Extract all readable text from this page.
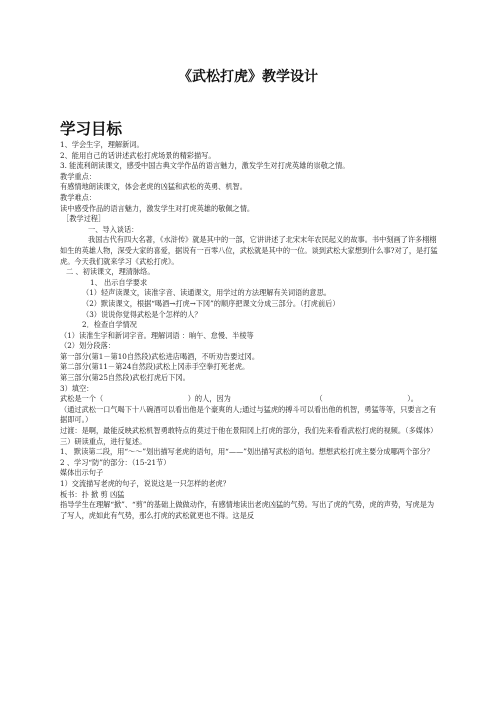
《武松打虎》教学设计
学习目标
1、学会生字，理解新词。
2、能用自己的话讲述武松打虎场景的精彩描写。
3. 能流利朗读课文，感受中国古典文学作品的语言魅力，激发学生对打虎英雄的崇敬之情。
教学重点：
有感情地朗读课文，体会老虎的凶猛和武松的英勇、机智。
教学难点：
读中感受作品的语言魅力，激发学生对打虎英雄的敬佩之情。
［教学过程］
一、导入谈话：
我国古代有四大名著，《水浒传》就是其中的一部，它讲讲述了北宋末年农民起义的故事。书中刻画了许多栩栩如生的英雄人物，深受大家的喜爱，据说有一百零八位，武松就是其中的一位。谈到武松大家想到什么事?对了，是打猛虎。今天我们就来学习《武松打虎》。
二 、初读课文，理清脉络。
1、 出示自学要求
（1）轻声读课文，读准字音、读通课文，用学过的方法理解有关词语的意思。
（2）默读课文，根据“喝酒→打虎→下冈”的顺序把课文分成三部分。（打虎前后）
（3）说说你觉得武松是个怎样的人？
2．检查自学情况
（1）读准生字和新词字音。理解词语 ：晌午、怠慢、半棱等
（2）划分段落：
第一部分(第1－第10自然段)武松进店喝酒，不听劝告要过冈。
第二部分(第11－第24自然段)武松上冈赤手空拳打死老虎。
第三部分(第25自然段)武松打虎后下冈。
3）填空：
武松是一个（	）的人，因为	（	）。
（通过武松一口气喝下十八碗酒可以看出他是个豪爽的人;通过与猛虎的搏斗可以看出他的机智，勇猛等等，只要言之有据即可。）
过渡：是啊，最能反映武松机智勇敢特点的莫过于他在景阳冈上打虎的部分，我们先来看看武松打虎的视频。（多媒体）
三）研读重点，进行复述。
1、 默读第二段，用“～～”划出描写老虎的语句，用“——”划出描写武松的语句。想想武松打虎主要分成哪两个部分？
2 、学习“防”的部分：（15-21节）
媒体出示句子
1）交流描写老虎的句子，说说这是一只怎样的老虎？
板书：扑 掀 剪 凶猛
指导学生在理解“掀”、“剪”的基础上做做动作，有感情地读出老虎凶猛的气势。写出了虎的气势，虎的声势，写虎是为了写人，虎如此有气势，那么打虎的武松就更也不得。这是反
